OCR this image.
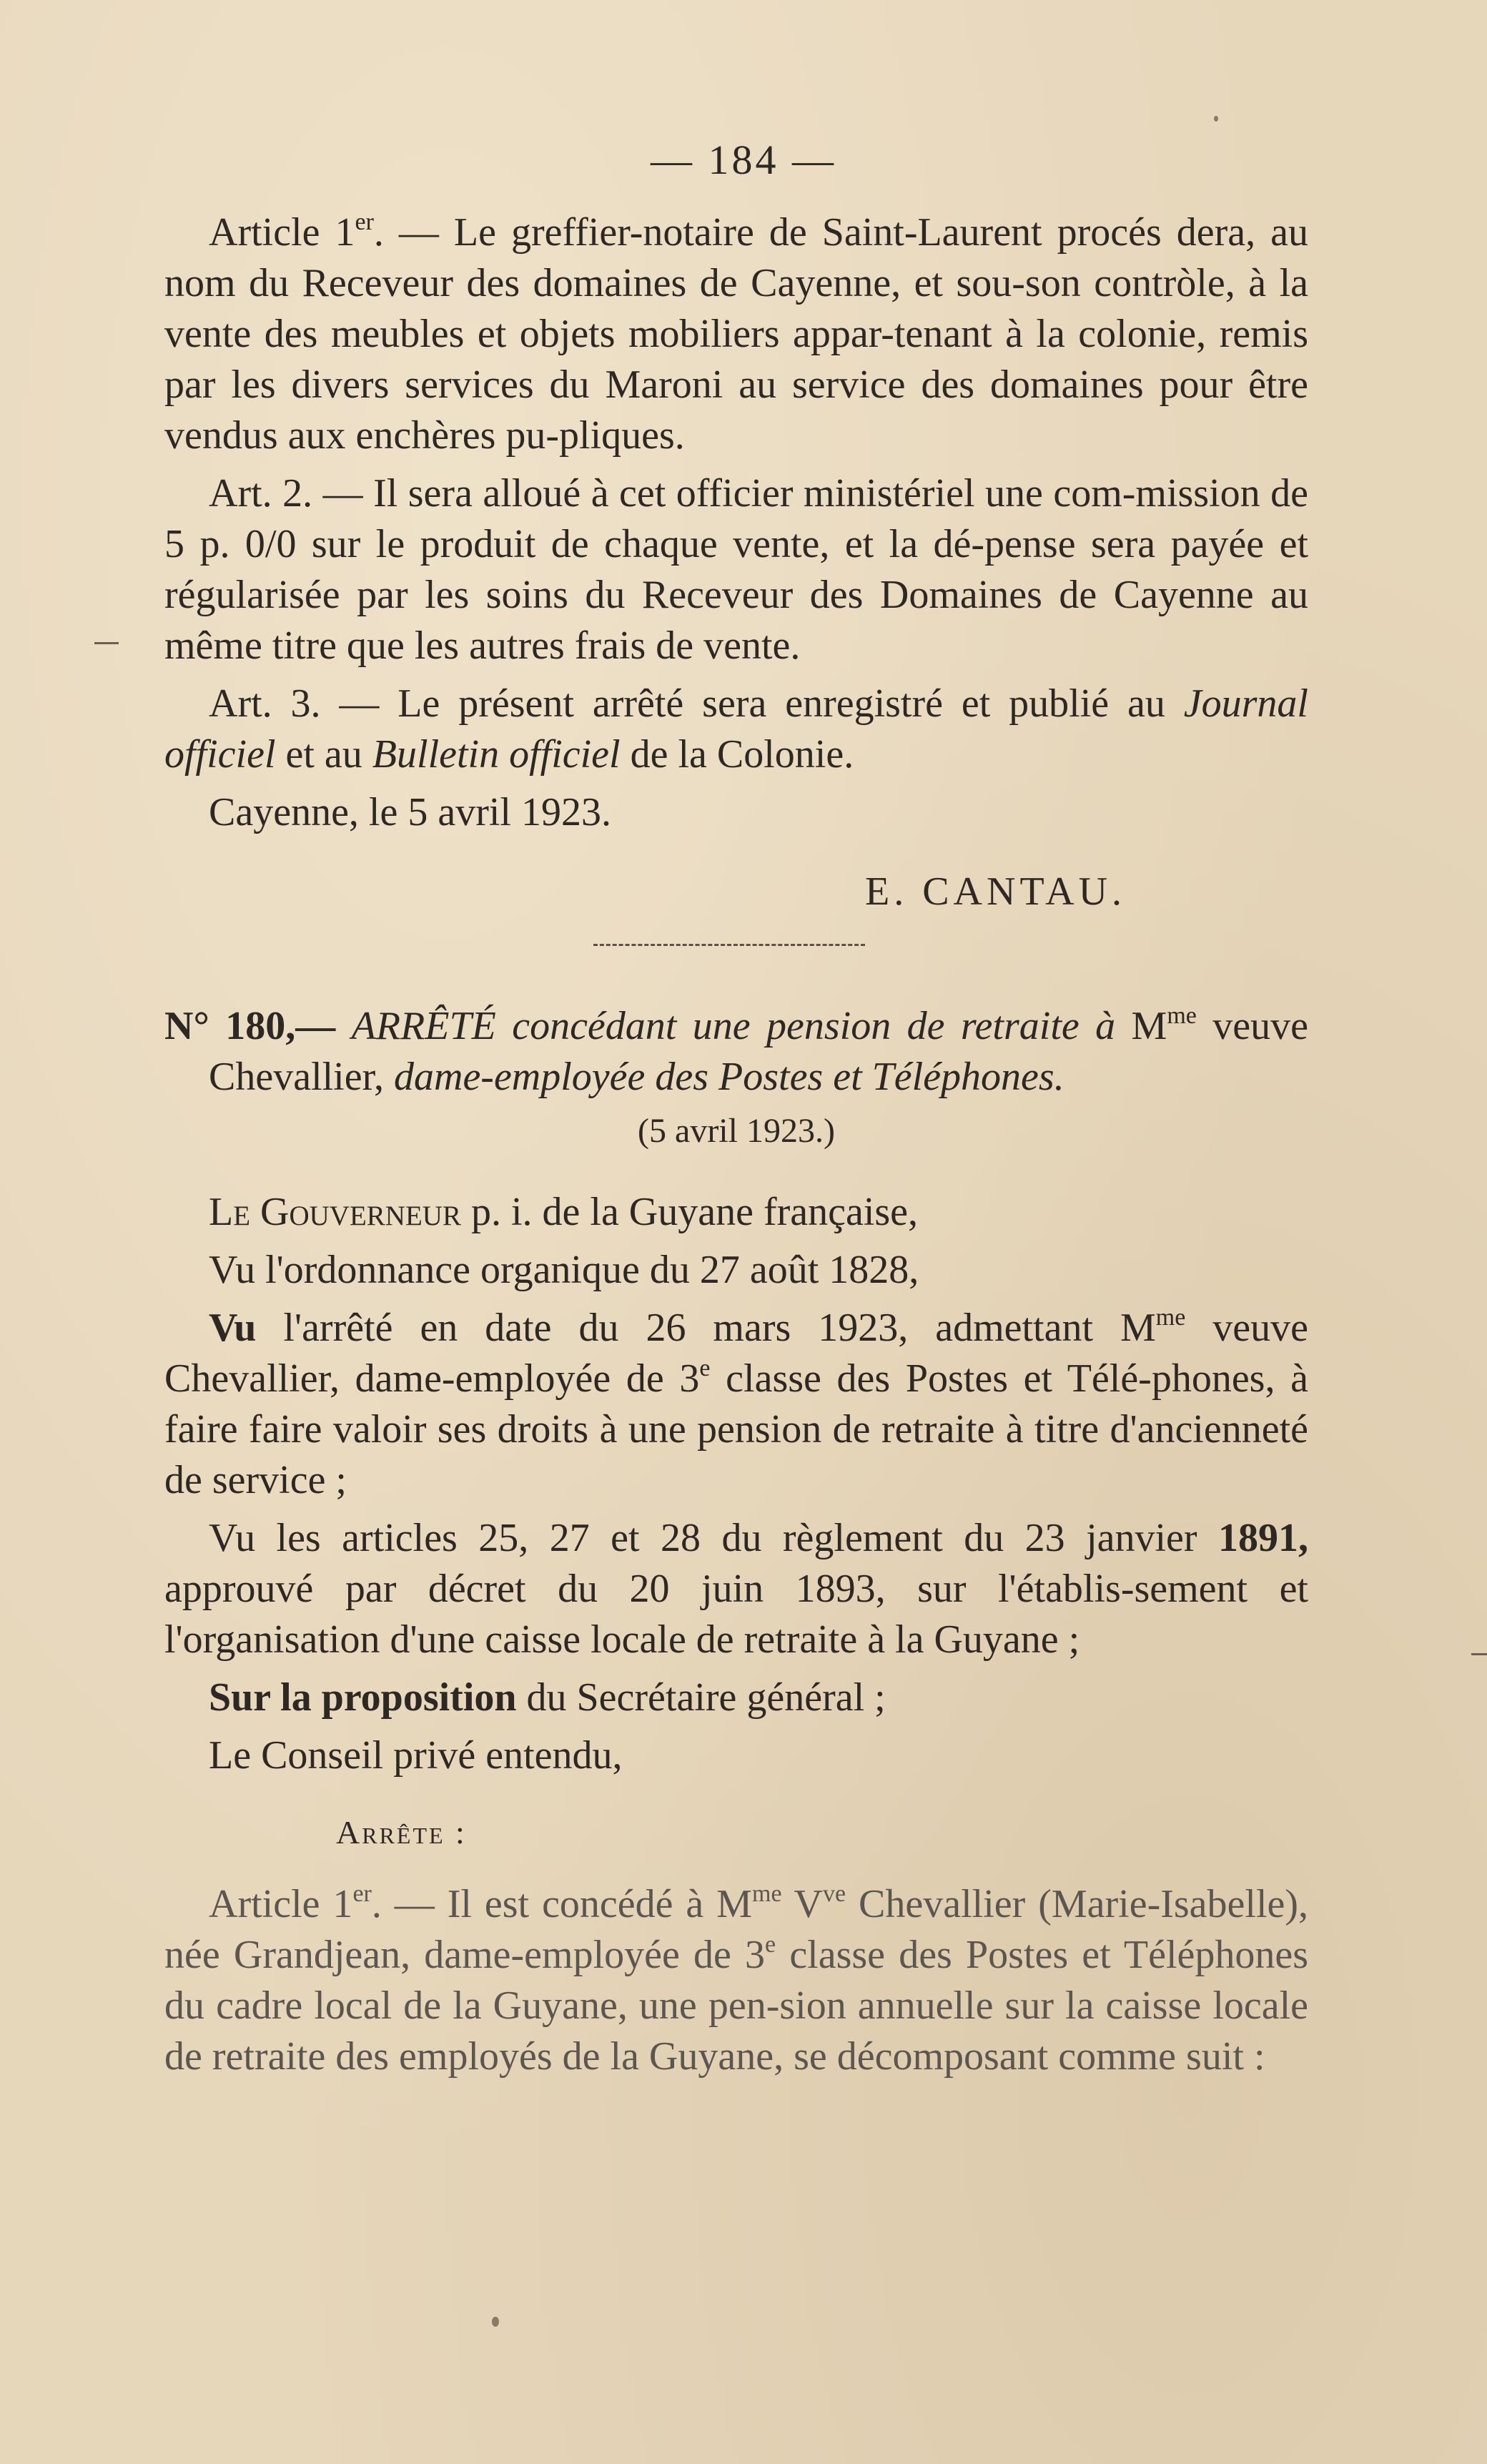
— 184 —

Article 1er. — Le greffier-notaire de Saint-Laurent procés dera, au nom du Receveur des domaines de Cayenne, et sou-son contròle, à la vente des meubles et objets mobiliers appar-tenant à la colonie, remis par les divers services du Maroni au service des domaines pour être vendus aux enchères pu-pliques.

Art. 2. — Il sera alloué à cet officier ministériel une com-mission de 5 p. 0/0 sur le produit de chaque vente, et la dé-pense sera payée et régularisée par les soins du Receveur des Domaines de Cayenne au même titre que les autres frais de vente.

Art. 3. — Le présent arrêté sera enregistré et publié au Journal officiel et au Bulletin officiel de la Colonie.

Cayenne, le 5 avril 1923.

E. CANTAU.

N° 180,— ARRÊTÉ concédant une pension de retraite à $M^{me}$ veuve Chevallier, dame-employée des Postes et Téléphones.

(5 avril 1923.)

Le Gouverneur p. i. de la Guyane française,

Vu l'ordonnance organique du 27 août 1828,

Vu l'arrêté en date du 26 mars 1923, admettant $M^{me}$ veuve Chevallier, dame-employée de 3e classe des Postes et Télé-phones, à faire faire valoir ses droits à une pension de retraite à titre d'ancienneté de service ;

Vu les articles 25, 27 et 28 du règlement du 23 janvier 1891, approuvé par décret du 20 juin 1893, sur l'établis-sement et l'organisation d'une caisse locale de retraite à la Guyane ;

Sur la proposition du Secrétaire général ;

Le Conseil privé entendu,

Arrête :

Article 1er. — Il est concédé à $M^{me}$ $V^{ve}$ Chevallier (Marie-Isabelle), née Grandjean, dame-employée de 3e classe des Postes et Téléphones du cadre local de la Guyane, une pen-sion annuelle sur la caisse locale de retraite des employés de la Guyane, se décomposant comme suit :
